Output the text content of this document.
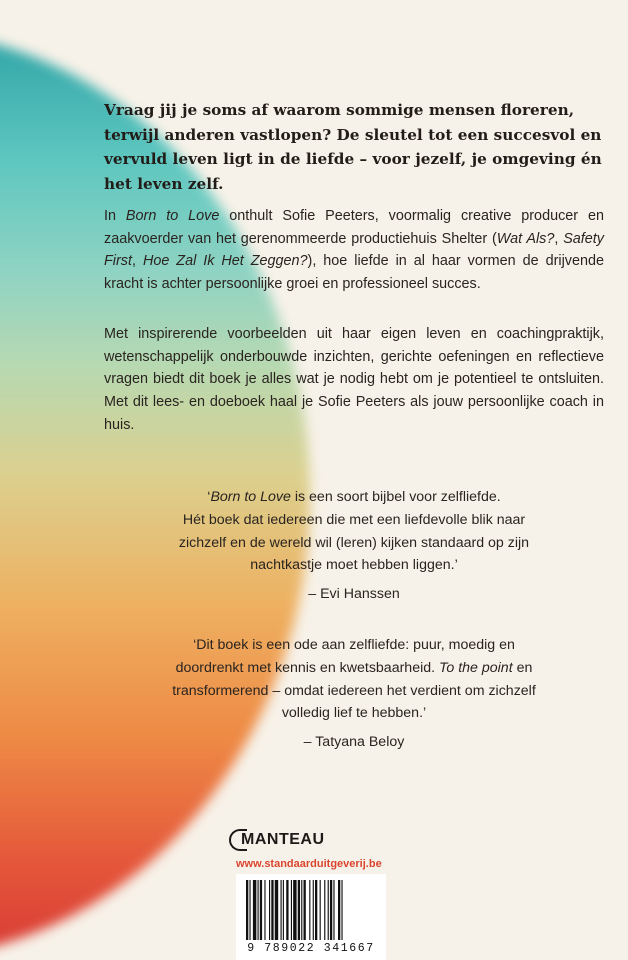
Vraag jij je soms af waarom sommige mensen floreren, terwijl anderen vastlopen? De sleutel tot een succesvol en vervuld leven ligt in de liefde – voor jezelf, je omgeving én het leven zelf.

In Born to Love onthult Sofie Peeters, voormalig creative producer en zaakvoerder van het gerenommeerde productiehuis Shelter (Wat Als?, Safety First, Hoe Zal Ik Het Zeggen?), hoe liefde in al haar vormen de drijvende kracht is achter persoonlijke groei en professioneel succes.

Met inspirerende voorbeelden uit haar eigen leven en coachingpraktijk, wetenschappelijk onderbouwde inzichten, gerichte oefeningen en reflectieve vragen biedt dit boek je alles wat je nodig hebt om je potentieel te ontsluiten. Met dit lees- en doeboek haal je Sofie Peeters als jouw persoonlijke coach in huis.

‘Born to Love is een soort bijbel voor zelfliefde.
Hét boek dat iedereen die met een liefdevolle blik naar
zichzelf en de wereld wil (leren) kijken standaard op zijn
nachtkastje moet hebben liggen.’
– Evi Hanssen

‘Dit boek is een ode aan zelfliefde: puur, moedig en
doordrenkt met kennis en kwetsbaarheid. To the point en
transformerend – omdat iedereen het verdient om zichzelf
volledig lief te hebben.’
– Tatyana Beloy

MANTEAU
www.standaarduitgeverij.be
9 789022 341667
